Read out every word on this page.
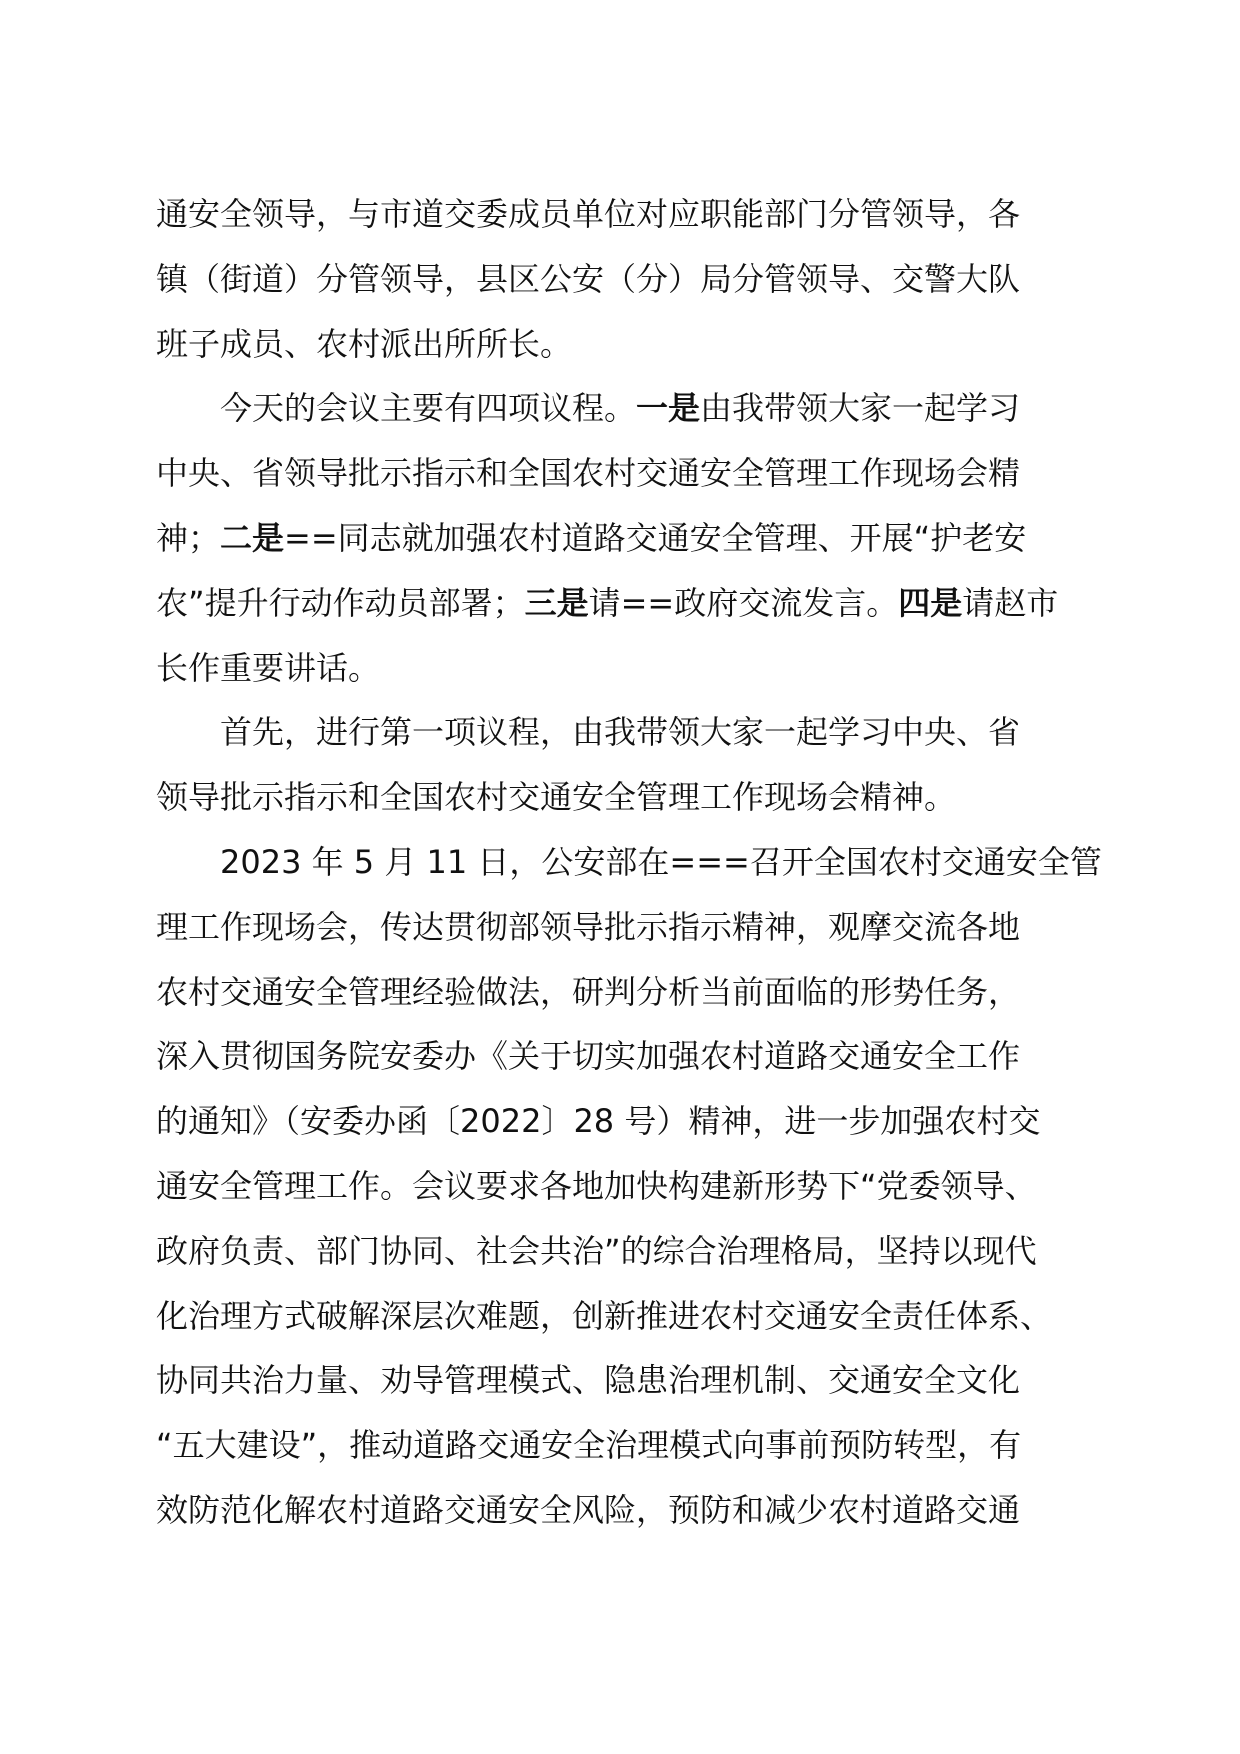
通安全领导，与市道交委成员单位对应职能部门分管领导，各
镇（街道）分管领导，县区公安（分）局分管领导、交警大队
班子成员、农村派出所所长。

今天的会议主要有四项议程。一是由我带领大家一起学习
中央、省领导批示指示和全国农村交通安全管理工作现场会精
神；二是==同志就加强农村道路交通安全管理、开展“护老安
农”提升行动作动员部署；三是请==政府交流发言。四是请赵市
长作重要讲话。

首先，进行第一项议程，由我带领大家一起学习中央、省
领导批示指示和全国农村交通安全管理工作现场会精神。

2023 年 5 月 11 日，公安部在===召开全国农村交通安全管
理工作现场会，传达贯彻部领导批示指示精神，观摩交流各地
农村交通安全管理经验做法，研判分析当前面临的形势任务，
深入贯彻国务院安委办《关于切实加强农村道路交通安全工作
的通知》（安委办函〔2022〕28 号）精神，进一步加强农村交
通安全管理工作。会议要求各地加快构建新形势下“党委领导、
政府负责、部门协同、社会共治”的综合治理格局，坚持以现代
化治理方式破解深层次难题，创新推进农村交通安全责任体系、
协同共治力量、劝导管理模式、隐患治理机制、交通安全文化
“五大建设”，推动道路交通安全治理模式向事前预防转型，有
效防范化解农村道路交通安全风险，预防和减少农村道路交通
